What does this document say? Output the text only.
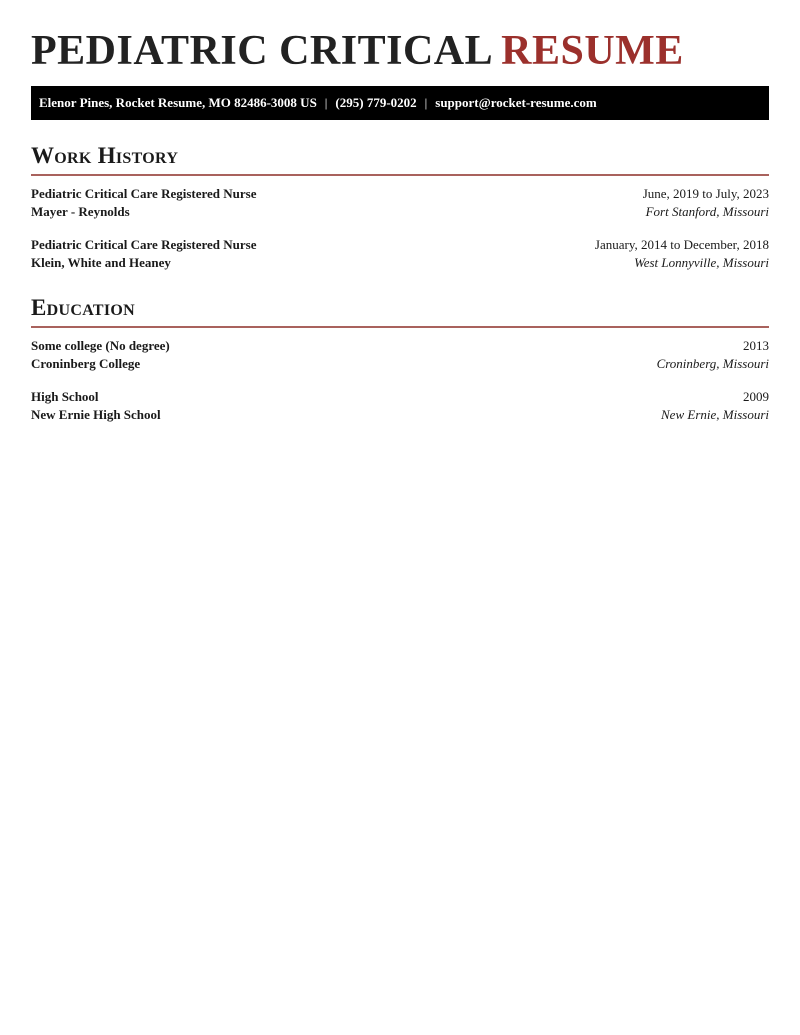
PEDIATRIC CRITICAL RESUME
Elenor Pines, Rocket Resume, MO 82486-3008 US | (295) 779-0202 | support@rocket-resume.com
Work History
Pediatric Critical Care Registered Nurse	June, 2019 to July, 2023
Mayer - Reynolds	Fort Stanford, Missouri
Pediatric Critical Care Registered Nurse	January, 2014 to December, 2018
Klein, White and Heaney	West Lonnyville, Missouri
Education
Some college (No degree)	2013
Croninberg College	Croninberg, Missouri
High School	2009
New Ernie High School	New Ernie, Missouri
